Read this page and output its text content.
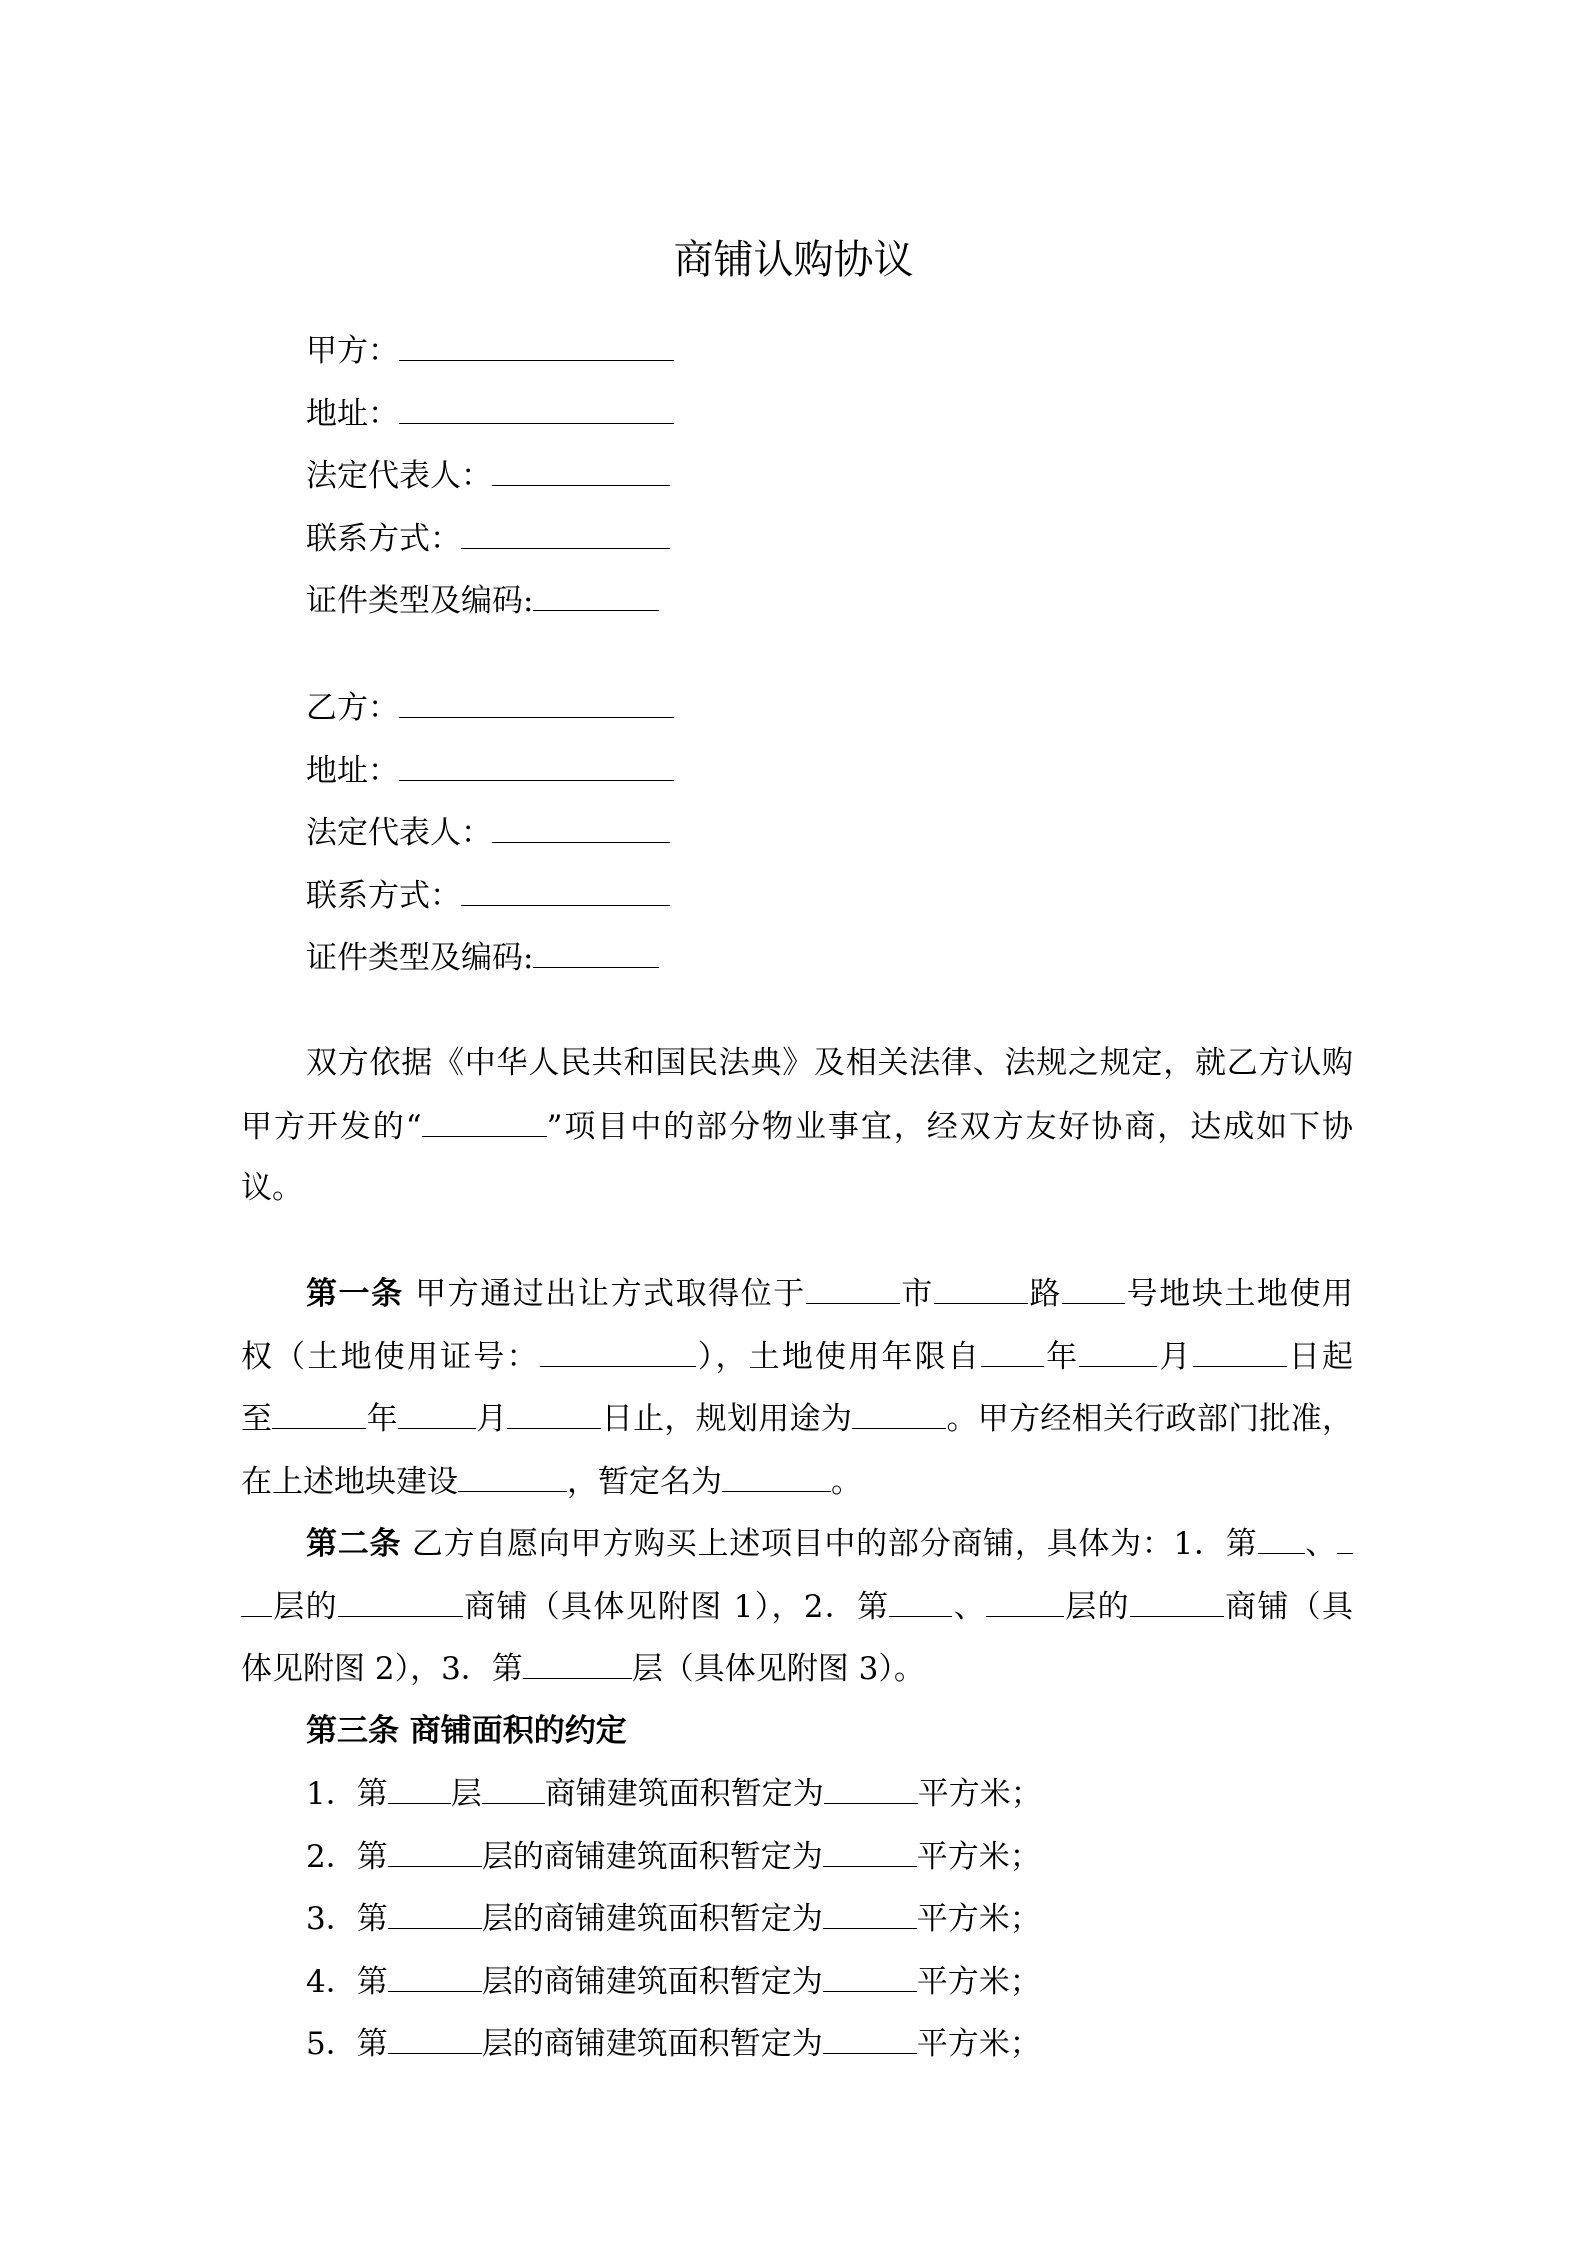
商铺认购协议
甲方：
地址：
法定代表人：
联系方式：
证件类型及编码:
乙方：
地址：
法定代表人：
联系方式：
证件类型及编码:
双方依据《中华人民共和国民法典》及相关法律、法规之规定，就乙方认购
甲方开发的“	”项目中的部分物业事宜，经双方友好协商，达成如下协
议。
第一条 甲方通过出让方式取得位于	市	路 号地块土地使用
权（土地使用证号：	），土地使用年限自 年	月	日起
至	年	月	日止，规划用途为	。甲方经相关行政部门批准，
在上述地块建设	，暂定名为	。
第二条 乙方自愿向甲方购买上述项目中的部分商铺，具体为：1．第 、
层的	商铺（具体见附图 1），2．第 、	层的	商铺（具
体见附图 2），3．第	层（具体见附图 3）。
第三条 商铺面积的约定
1．第 层 商铺建筑面积暂定为	平方米；
2．第	层的商铺建筑面积暂定为	平方米；
3．第	层的商铺建筑面积暂定为	平方米；
4．第	层的商铺建筑面积暂定为	平方米；
5．第	层的商铺建筑面积暂定为	平方米；
